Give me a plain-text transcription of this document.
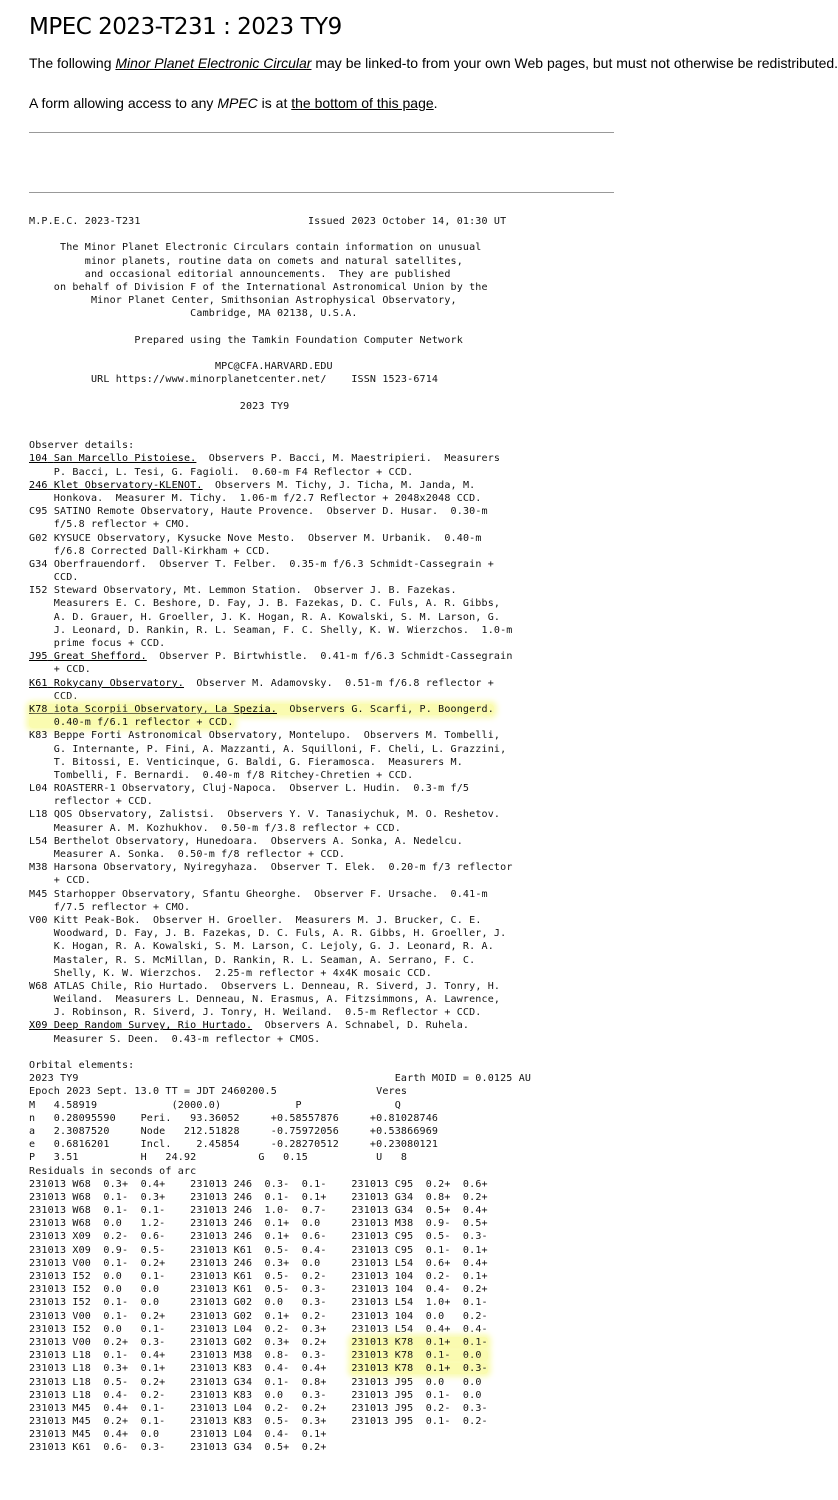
MPEC 2023-T231 : 2023 TY9

The following Minor Planet Electronic Circular may be linked-to from your own Web pages, but must not otherwise be redistributed.

A form allowing access to any MPEC is at the bottom of this page.

M.P.E.C. 2023-T231                           Issued 2023 October 14, 01:30 UT
The Minor Planet Electronic Circulars contain information on unusual
minor planets, routine data on comets and natural satellites,
and occasional editorial announcements.  They are published
on behalf of Division F of the International Astronomical Union by the
Minor Planet Center, Smithsonian Astrophysical Observatory,
Cambridge, MA 02138, U.S.A.
Prepared using the Tamkin Foundation Computer Network
MPC@CFA.HARVARD.EDU
URL https://www.minorplanetcenter.net/    ISSN 1523-6714
2023 TY9
Observer details:
104 San Marcello Pistoiese.  Observers P. Bacci, M. Maestripieri.  Measurers
P. Bacci, L. Tesi, G. Fagioli.  0.60-m F4 Reflector + CCD.
246 Klet Observatory-KLENOT.  Observers M. Tichy, J. Ticha, M. Janda, M.
Honkova.  Measurer M. Tichy.  1.06-m f/2.7 Reflector + 2048x2048 CCD.
C95 SATINO Remote Observatory, Haute Provence.  Observer D. Husar.  0.30-m
f/5.8 reflector + CMO.
G02 KYSUCE Observatory, Kysucke Nove Mesto.  Observer M. Urbanik.  0.40-m
f/6.8 Corrected Dall-Kirkham + CCD.
G34 Oberfrauendorf.  Observer T. Felber.  0.35-m f/6.3 Schmidt-Cassegrain +
CCD.
I52 Steward Observatory, Mt. Lemmon Station.  Observer J. B. Fazekas.
Measurers E. C. Beshore, D. Fay, J. B. Fazekas, D. C. Fuls, A. R. Gibbs,
A. D. Grauer, H. Groeller, J. K. Hogan, R. A. Kowalski, S. M. Larson, G.
J. Leonard, D. Rankin, R. L. Seaman, F. C. Shelly, K. W. Wierzchos.  1.0-m
prime focus + CCD.
J95 Great Shefford.  Observer P. Birtwhistle.  0.41-m f/6.3 Schmidt-Cassegrain
+ CCD.
K61 Rokycany Observatory.  Observer M. Adamovsky.  0.51-m f/6.8 reflector +
CCD.
K78 iota Scorpii Observatory, La Spezia.  Observers G. Scarfi, P. Boongerd.
0.40-m f/6.1 reflector + CCD.
K83 Beppe Forti Astronomical Observatory, Montelupo.  Observers M. Tombelli,
G. Internante, P. Fini, A. Mazzanti, A. Squilloni, F. Cheli, L. Grazzini,
T. Bitossi, E. Venticinque, G. Baldi, G. Fieramosca.  Measurers M.
Tombelli, F. Bernardi.  0.40-m f/8 Ritchey-Chretien + CCD.
L04 ROASTERR-1 Observatory, Cluj-Napoca.  Observer L. Hudin.  0.3-m f/5
reflector + CCD.
L18 QOS Observatory, Zalistsi.  Observers Y. V. Tanasiychuk, M. O. Reshetov.
Measurer A. M. Kozhukhov.  0.50-m f/3.8 reflector + CCD.
L54 Berthelot Observatory, Hunedoara.  Observers A. Sonka, A. Nedelcu.
Measurer A. Sonka.  0.50-m f/8 reflector + CCD.
M38 Harsona Observatory, Nyiregyhaza.  Observer T. Elek.  0.20-m f/3 reflector
+ CCD.
M45 Starhopper Observatory, Sfantu Gheorghe.  Observer F. Ursache.  0.41-m
f/7.5 reflector + CMO.
V00 Kitt Peak-Bok.  Observer H. Groeller.  Measurers M. J. Brucker, C. E.
Woodward, D. Fay, J. B. Fazekas, D. C. Fuls, A. R. Gibbs, H. Groeller, J.
K. Hogan, R. A. Kowalski, S. M. Larson, C. Lejoly, G. J. Leonard, R. A.
Mastaler, R. S. McMillan, D. Rankin, R. L. Seaman, A. Serrano, F. C.
Shelly, K. W. Wierzchos.  2.25-m reflector + 4x4K mosaic CCD.
W68 ATLAS Chile, Rio Hurtado.  Observers L. Denneau, R. Siverd, J. Tonry, H.
Weiland.  Measurers L. Denneau, N. Erasmus, A. Fitzsimmons, A. Lawrence,
J. Robinson, R. Siverd, J. Tonry, H. Weiland.  0.5-m Reflector + CCD.
X09 Deep Random Survey, Rio Hurtado.  Observers A. Schnabel, D. Ruhela.
Measurer S. Deen.  0.43-m reflector + CMOS.
Orbital elements:
2023 TY9                                                   Earth MOID = 0.0125 AU
Epoch 2023 Sept. 13.0 TT = JDT 2460200.5                Veres
M   4.58919            (2000.0)            P               Q
n   0.28095590    Peri.   93.36052     +0.58557876     +0.81028746
a   2.3087520     Node   212.51828     -0.75972056     +0.53866969
e   0.6816201     Incl.    2.45854     -0.28270512     +0.23080121
P   3.51          H   24.92          G   0.15           U   8
Residuals in seconds of arc
231013 W68  0.3+  0.4+    231013 246  0.3-  0.1-    231013 C95  0.2+  0.6+
231013 W68  0.1-  0.3+    231013 246  0.1-  0.1+    231013 G34  0.8+  0.2+
231013 W68  0.1-  0.1-    231013 246  1.0-  0.7-    231013 G34  0.5+  0.4+
231013 W68  0.0   1.2-    231013 246  0.1+  0.0     231013 M38  0.9-  0.5+
231013 X09  0.2-  0.6-    231013 246  0.1+  0.6-    231013 C95  0.5-  0.3-
231013 X09  0.9-  0.5-    231013 K61  0.5-  0.4-    231013 C95  0.1-  0.1+
231013 V00  0.1-  0.2+    231013 246  0.3+  0.0     231013 L54  0.6+  0.4+
231013 I52  0.0   0.1-    231013 K61  0.5-  0.2-    231013 104  0.2-  0.1+
231013 I52  0.0   0.0     231013 K61  0.5-  0.3-    231013 104  0.4-  0.2+
231013 I52  0.1-  0.0     231013 G02  0.0   0.3-    231013 L54  1.0+  0.1-
231013 V00  0.1-  0.2+    231013 G02  0.1+  0.2-    231013 104  0.0   0.2-
231013 I52  0.0   0.1-    231013 L04  0.2-  0.3+    231013 L54  0.4+  0.4-
231013 V00  0.2+  0.3-    231013 G02  0.3+  0.2+    231013 K78  0.1+  0.1-
231013 L18  0.1-  0.4+    231013 M38  0.8-  0.3-    231013 K78  0.1-  0.0
231013 L18  0.3+  0.1+    231013 K83  0.4-  0.4+    231013 K78  0.1+  0.3-
231013 L18  0.5-  0.2+    231013 G34  0.1-  0.8+    231013 J95  0.0   0.0
231013 L18  0.4-  0.2-    231013 K83  0.0   0.3-    231013 J95  0.1-  0.0
231013 M45  0.4+  0.1-    231013 L04  0.2-  0.2+    231013 J95  0.2-  0.3-
231013 M45  0.2+  0.1-    231013 K83  0.5-  0.3+    231013 J95  0.1-  0.2-
231013 M45  0.4+  0.0     231013 L04  0.4-  0.1+
231013 K61  0.6-  0.3-    231013 G34  0.5+  0.2+
